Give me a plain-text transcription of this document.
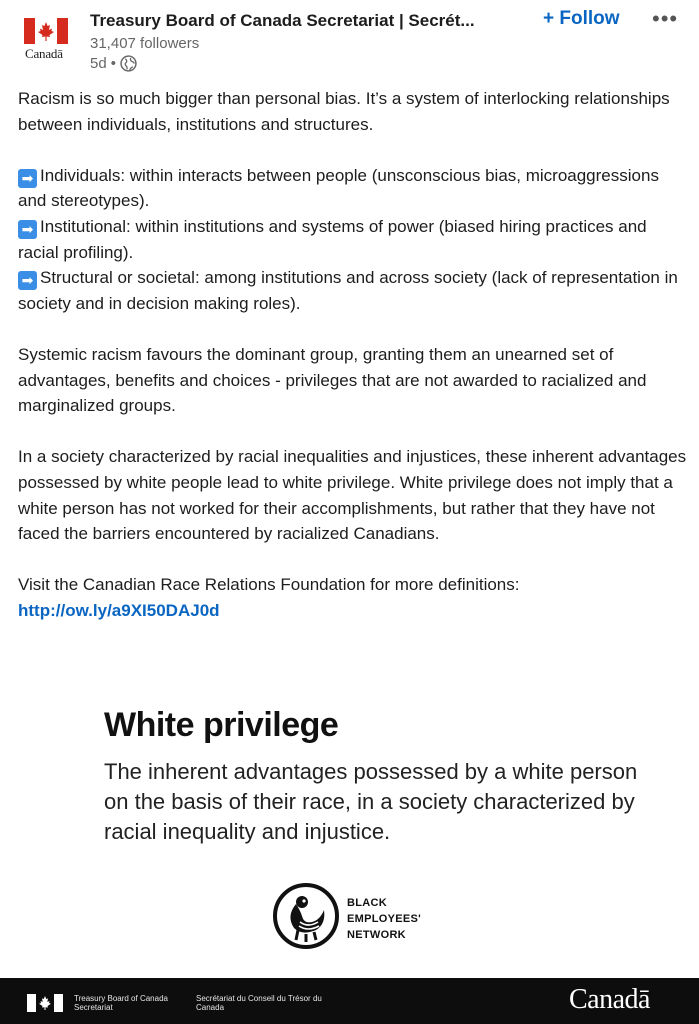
Canadā
Treasury Board of Canada Secretariat | Secrét...
31,407 followers
5d •
+ Follow •••

Racism is so much bigger than personal bias. It’s a system of interlocking relationships between individuals, institutions and structures.

➡ Individuals: within interacts between people (unsconscious bias, microaggressions and stereotypes).

➡ Institutional: within institutions and systems of power (biased hiring practices and racial profiling).

➡ Structural or societal: among institutions and across society (lack of representation in society and in decision making roles).

Systemic racism favours the dominant group, granting them an unearned set of advantages, benefits and choices - privileges that are not awarded to racialized and marginalized groups.

In a society characterized by racial inequalities and injustices, these inherent advantages possessed by white people lead to white privilege. White privilege does not imply that a white person has not worked for their accomplishments, but rather that they have not faced the barriers encountered by racialized Canadians.

Visit the Canadian Race Relations Foundation for more definitions:

http://ow.ly/a9XI50DAJ0d

White privilege
The inherent advantages possessed by a white person on the basis of their race, in a society characterized by racial inequality and injustice.
BLACK
EMPLOYEES'
NETWORK
Treasury Board of Canada Secretariat
Secrétariat du Conseil du Trésor du Canada	Canadā
